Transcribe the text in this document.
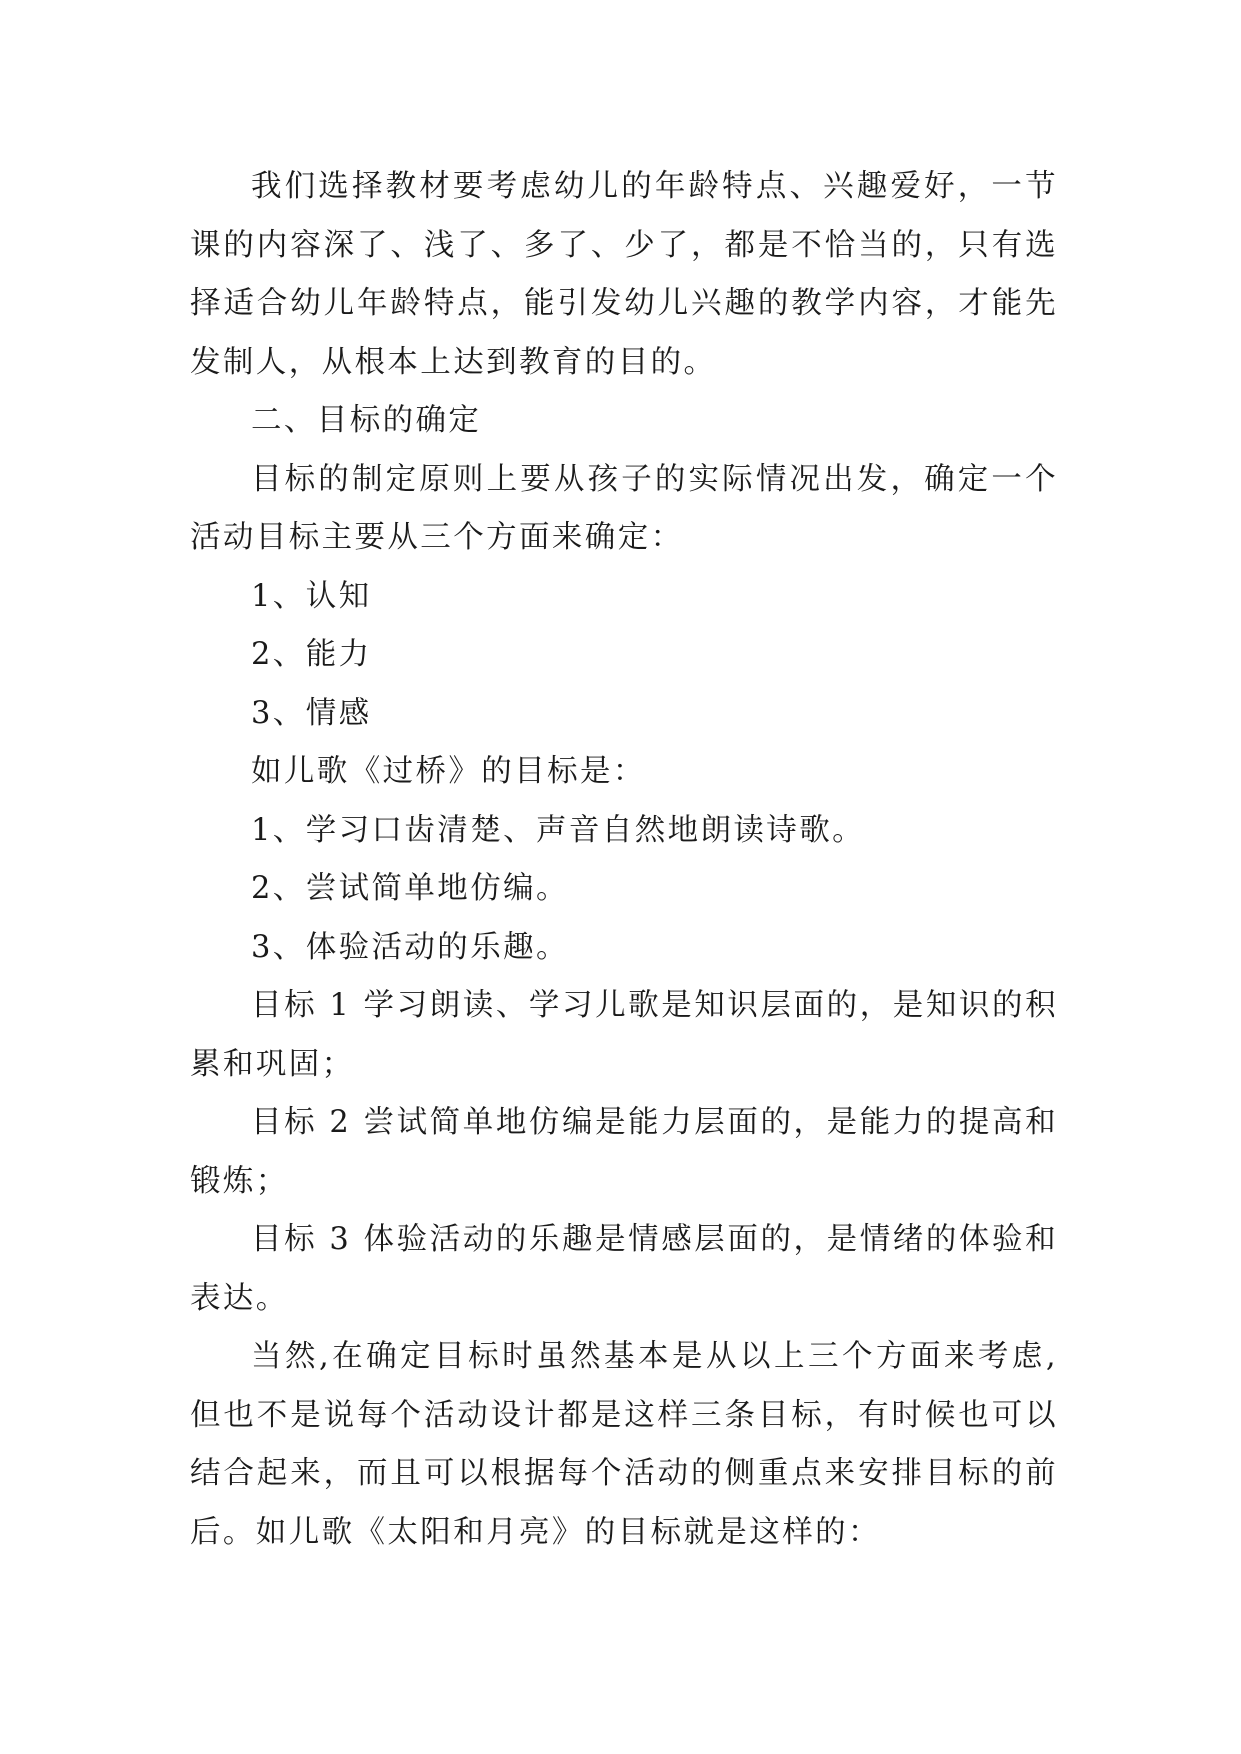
我们选择教材要考虑幼儿的年龄特点、兴趣爱好，一节课的内容深了、浅了、多了、少了，都是不恰当的，只有选择适合幼儿年龄特点，能引发幼儿兴趣的教学内容，才能先发制人，从根本上达到教育的目的。

二、目标的确定

目标的制定原则上要从孩子的实际情况出发，确定一个活动目标主要从三个方面来确定：

1、认知

2、能力

3、情感

如儿歌《过桥》的目标是：

1、学习口齿清楚、声音自然地朗读诗歌。

2、尝试简单地仿编。

3、体验活动的乐趣。

目标 1 学习朗读、学习儿歌是知识层面的，是知识的积累和巩固；

目标 2 尝试简单地仿编是能力层面的，是能力的提高和锻炼；

目标 3 体验活动的乐趣是情感层面的，是情绪的体验和表达。

当然,在确定目标时虽然基本是从以上三个方面来考虑,但也不是说每个活动设计都是这样三条目标，有时候也可以结合起来，而且可以根据每个活动的侧重点来安排目标的前后。如儿歌《太阳和月亮》的目标就是这样的：
